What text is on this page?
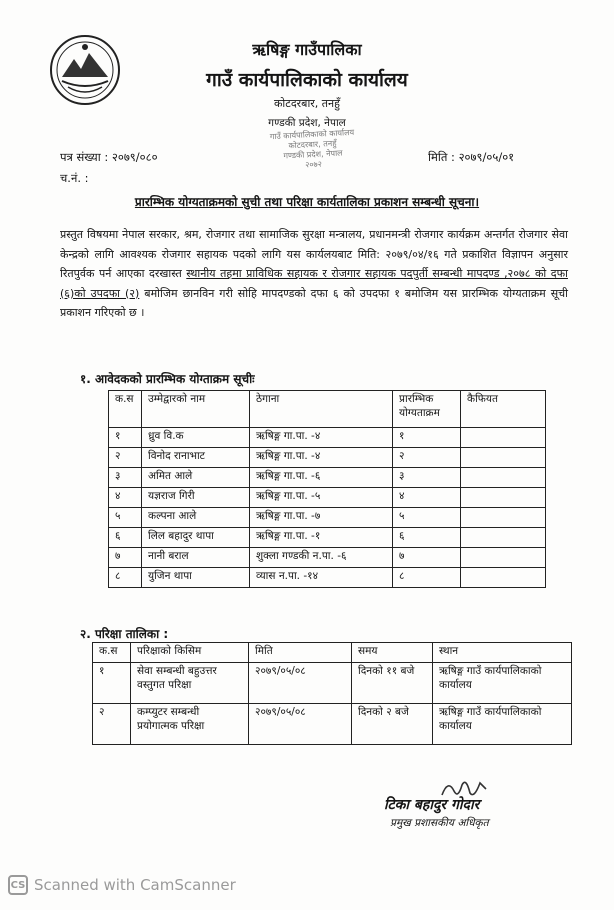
ऋषिङ्ग गाउँपालिका
गाउँ कार्यपालिकाको कार्यालय
कोटदरबार, तनहुँ
गण्डकी प्रदेश, नेपाल
गाउँ कार्यपालिकाको कार्यालय
कोटदरबार, तनहुँ
गण्डकी प्रदेश, नेपाल
२०७२
पत्र संख्या : २०७९/०८०
च.नं. :
मिति : २०७९/०५/०१
प्रारम्भिक योग्यताक्रमको सुची तथा परिक्षा कार्यतालिका प्रकाशन सम्बन्धी सूचना।
प्रस्तुत विषयमा नेपाल सरकार, श्रम, रोजगार तथा सामाजिक सुरक्षा मन्त्रालय, प्रधानमन्त्री रोजगार कार्यक्रम अन्तर्गत रोजगार सेवा केन्द्रको लागि आवश्यक रोजगार सहायक पदको लागि यस कार्यलयबाट मिति: २०७९/०४/१६ गते प्रकाशित विज्ञापन अनुसार रितपुर्वक पर्न आएका दरखास्त स्थानीय तहमा प्राविधिक सहायक र रोजगार सहायक पदपुर्ती सम्बन्धी मापदण्ड ,२०७८ को दफा (६)को उपदफा (२) बमोजिम छानविन गरी सोहि मापदण्डको दफा ६ को उपदफा १ बमोजिम यस प्रारम्भिक योग्यताक्रम सूची प्रकाशन गरिएको छ ।
१. आवेदकको प्रारम्भिक योग्ताक्रम सूचीः
क.स	उम्मेद्वारको नाम	ठेगाना	प्रारम्भिक योग्यताक्रम	कैफियत
१	ध्रुव वि.क	ऋषिङ्ग गा.पा. -४	१	
२	विनोद रानाभाट	ऋषिङ्ग गा.पा. -४	२	
३	अमित आले	ऋषिङ्ग गा.पा. -६	३	
४	यज्ञराज गिरी	ऋषिङ्ग गा.पा. -५	४	
५	कल्पना आले	ऋषिङ्ग गा.पा. -७	५	
६	लिल बहादुर थापा	ऋषिङ्ग गा.पा. -१	६	
७	नानी बराल	शुक्ला गण्डकी न.पा. -६	७	
८	युजिन थापा	व्यास न.पा. -१४	८	
२. परिक्षा तालिका :
क.स	परिक्षाको किसिम	मिति	समय	स्थान
१	सेवा सम्बन्धी बहुउत्तर वस्तुगत परिक्षा	२०७९/०५/०८	दिनको ११ बजे	ऋषिङ्ग गाउँ कार्यपालिकाको कार्यालय
२	कम्प्युटर सम्बन्धी प्रयोगात्मक परिक्षा	२०७९/०५/०८	दिनको २ बजे	ऋषिङ्ग गाउँ कार्यपालिकाको कार्यालय
टिका बहादुर गोदार
प्रमुख प्रशासकीय अधिकृत
CS Scanned with CamScanner
